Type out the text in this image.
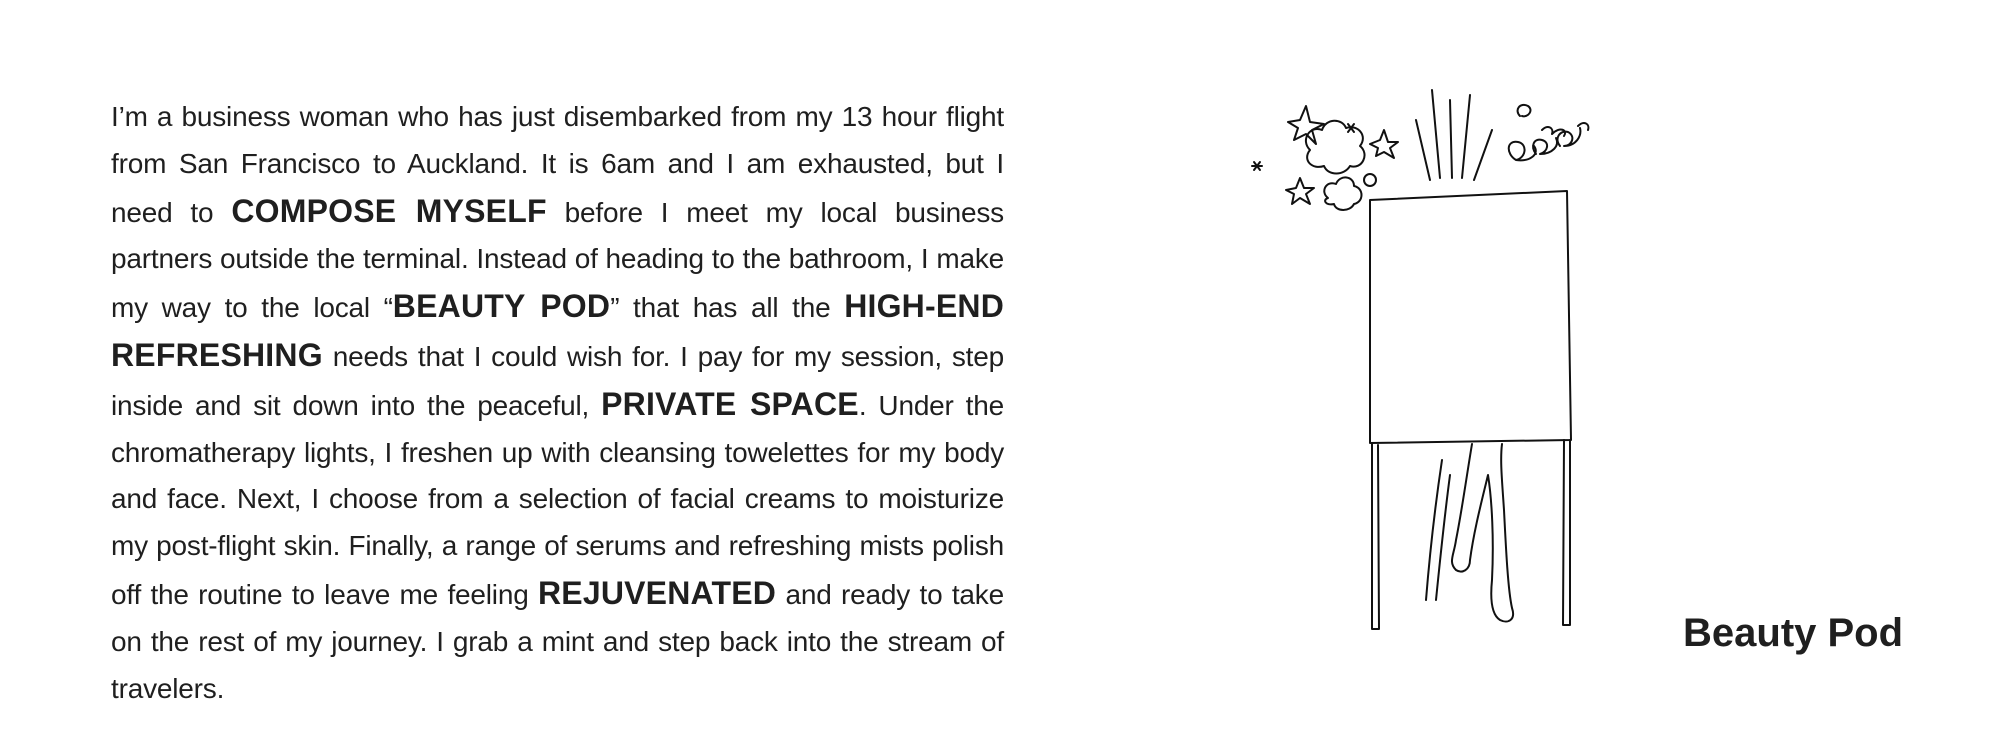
I’m a business woman who has just disembarked from my 13 hour flight from San Francisco to Auckland. It is 6am and I am exhausted, but I need to COMPOSE MYSELF before I meet my local business partners outside the terminal. Instead of heading to the bathroom, I make my way to the local “BEAUTY POD” that has all the HIGH-END REFRESHING needs that I could wish for. I pay for my session, step inside and sit down into the peaceful, PRIVATE SPACE. Under the chromatherapy lights, I freshen up with cleansing towelettes for my body and face. Next, I choose from a selection of facial creams to moisturize my post-flight skin. Finally, a range of serums and refreshing mists polish off the routine to leave me feeling REJUVENATED and ready to take on the rest of my journey. I grab a mint and step back into the stream of travelers.

Beauty Pod
